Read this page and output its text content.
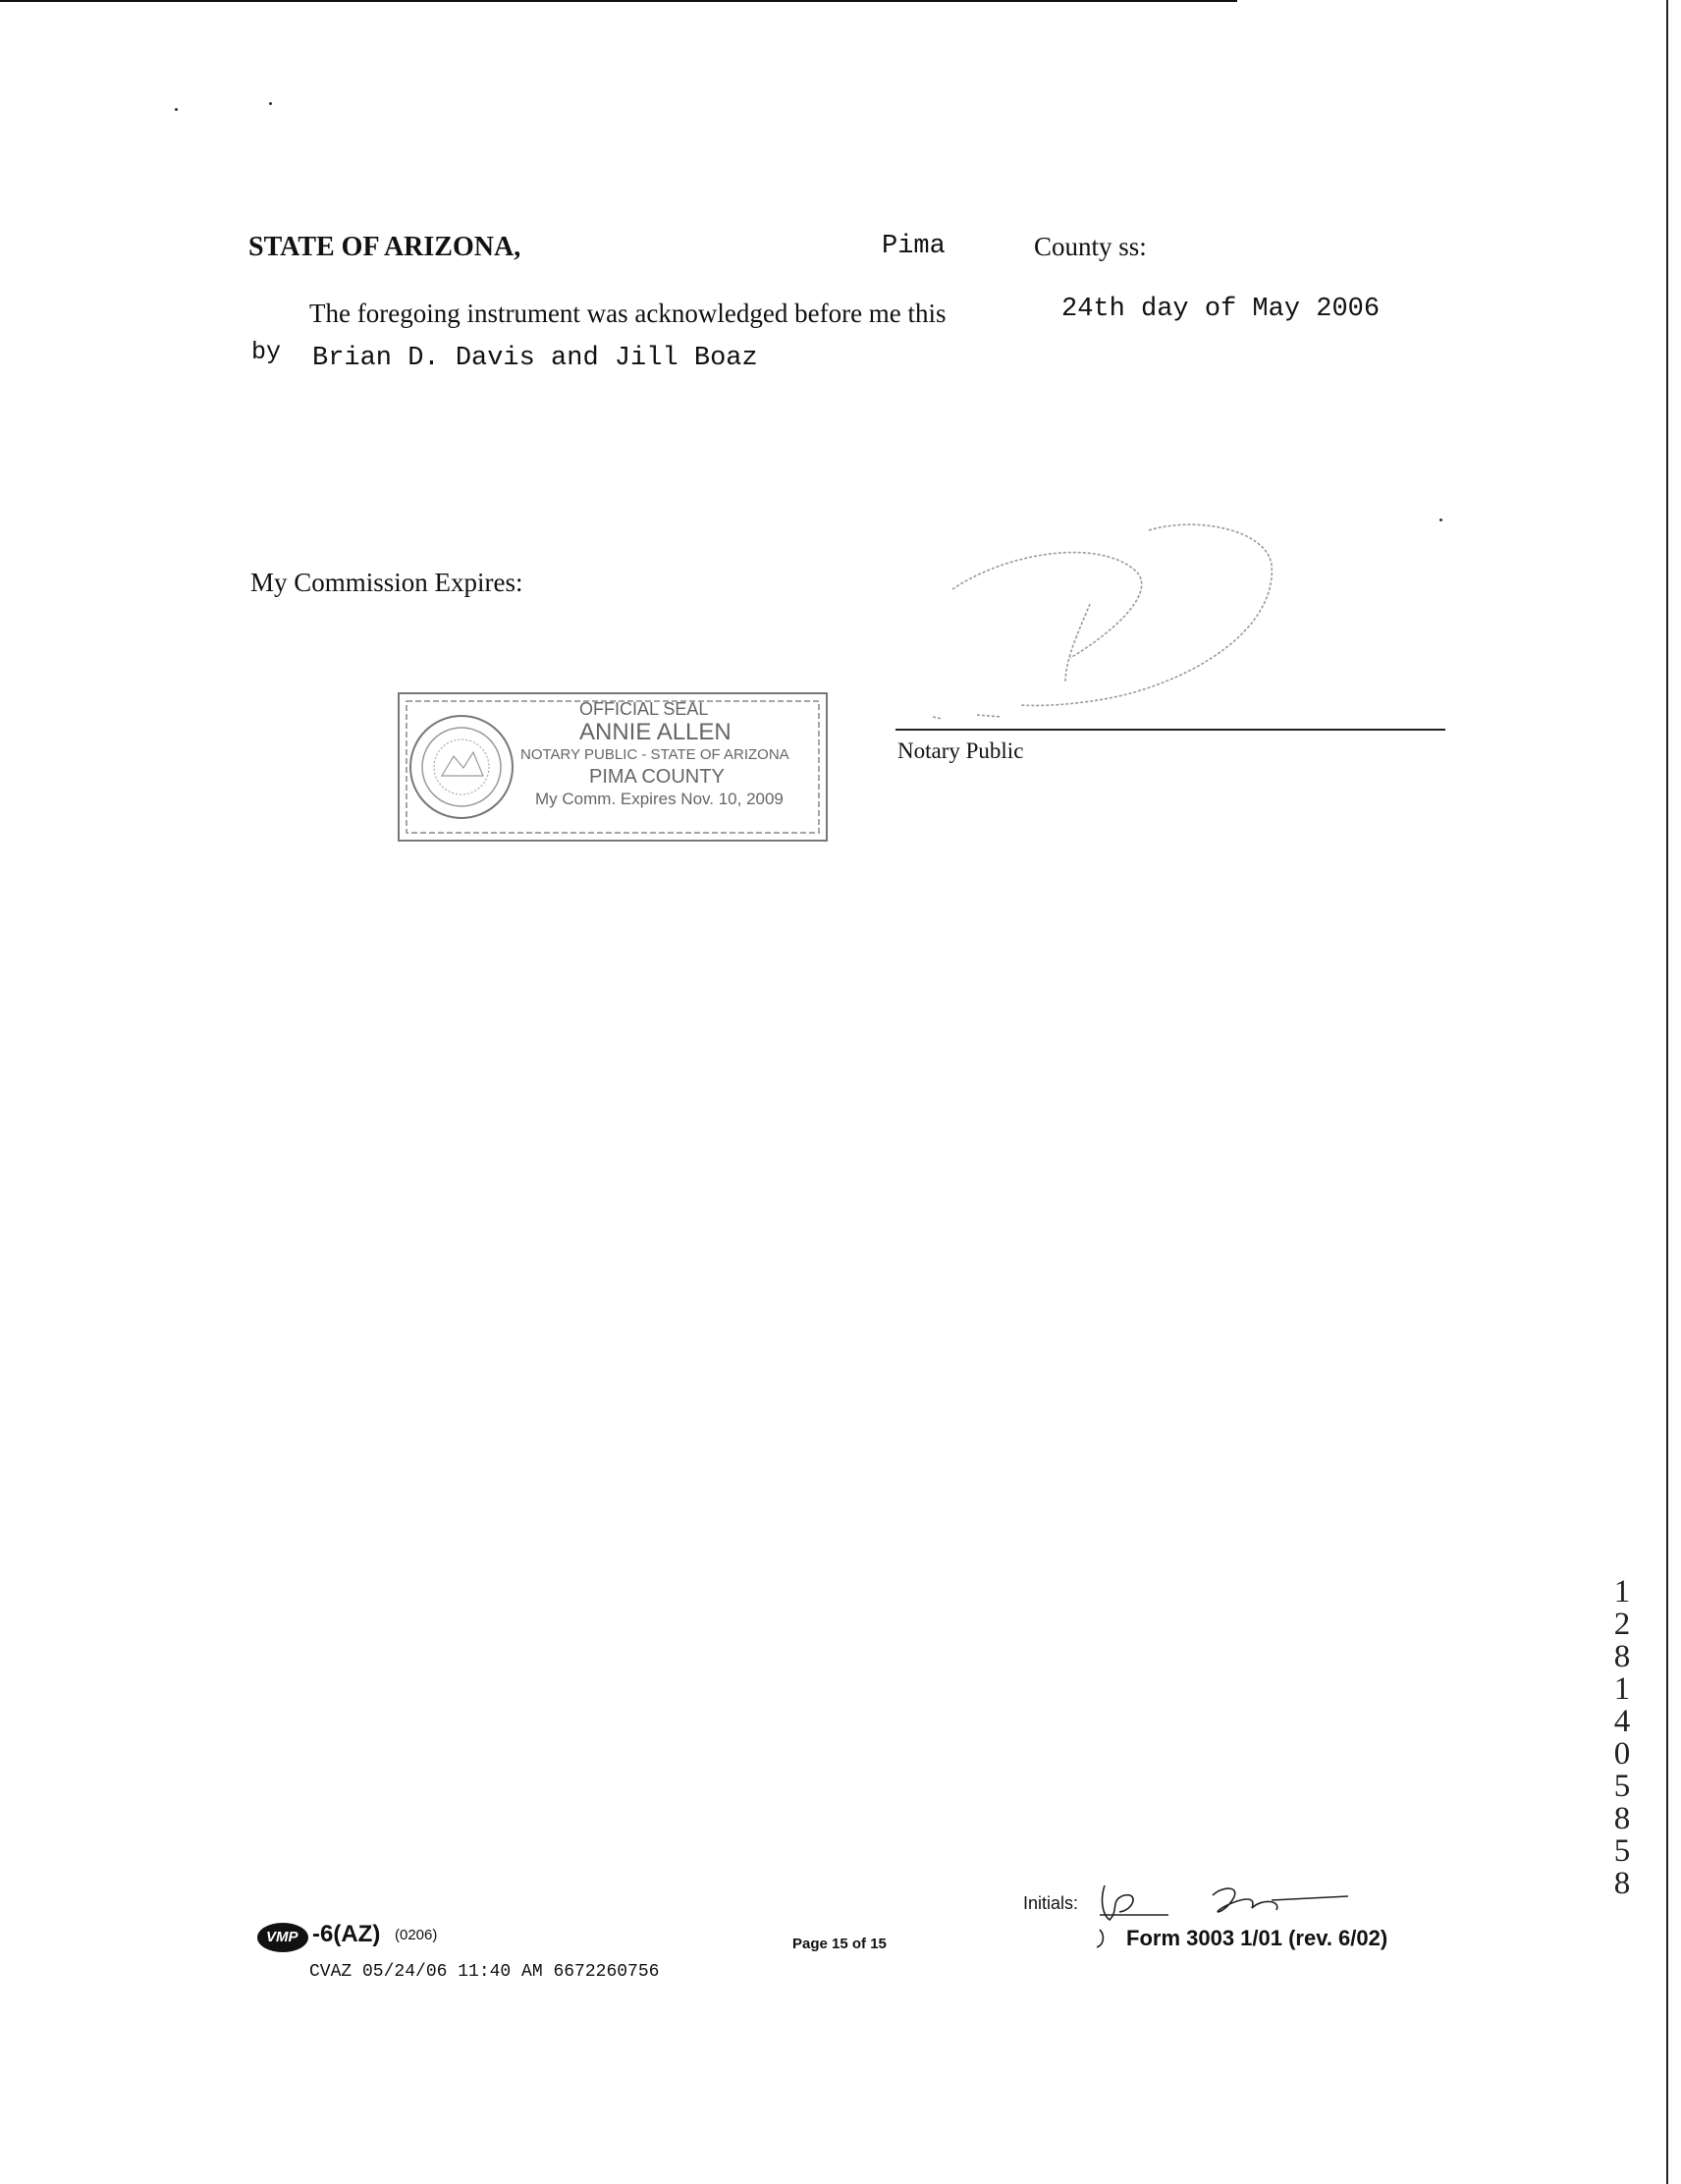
STATE OF ARIZONA,	Pima	County ss:
The foregoing instrument was acknowledged before me this	24th day of May 2006
by Brian D. Davis and Jill Boaz
My Commission Expires:
Notary Public
OFFICIAL SEAL
ANNIE ALLEN
NOTARY PUBLIC - STATE OF ARIZONA
PIMA COUNTY
My Comm. Expires Nov. 10, 2009
1
2
8
1
4
0
5
8
5
8
VMP -6(AZ) (0206)
CVAZ 05/24/06 11:40 AM 6672260756
Page 15 of 15
Initials:
Form 3003 1/01 (rev. 6/02)
